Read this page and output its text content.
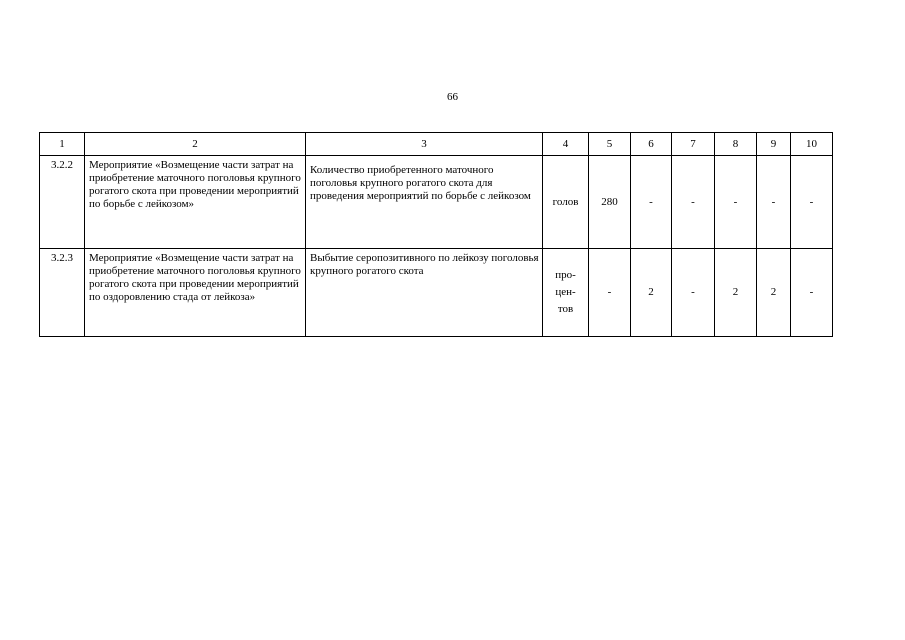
66
1	2	3	4	5	6	7	8	9	10
3.2.2	Мероприятие «Возмещение части затрат на приобретение маточного поголовья крупного рогатого скота при проведении мероприятий по борьбе с лейкозом»	Количество приобретенного маточного поголовья крупного рогатого скота для проведения мероприятий по борьбе с лейкозом	голов	280	-	-	-	-	-
3.2.3	Мероприятие «Возмещение части затрат на приобретение маточного поголовья крупного рогатого скота при проведении мероприятий по оздоровлению стада от лейкоза»	Выбытие серопозитивного по лейкозу поголовья крупного рогатого скота	про-
цен-
тов	-	2	-	2	2	-
